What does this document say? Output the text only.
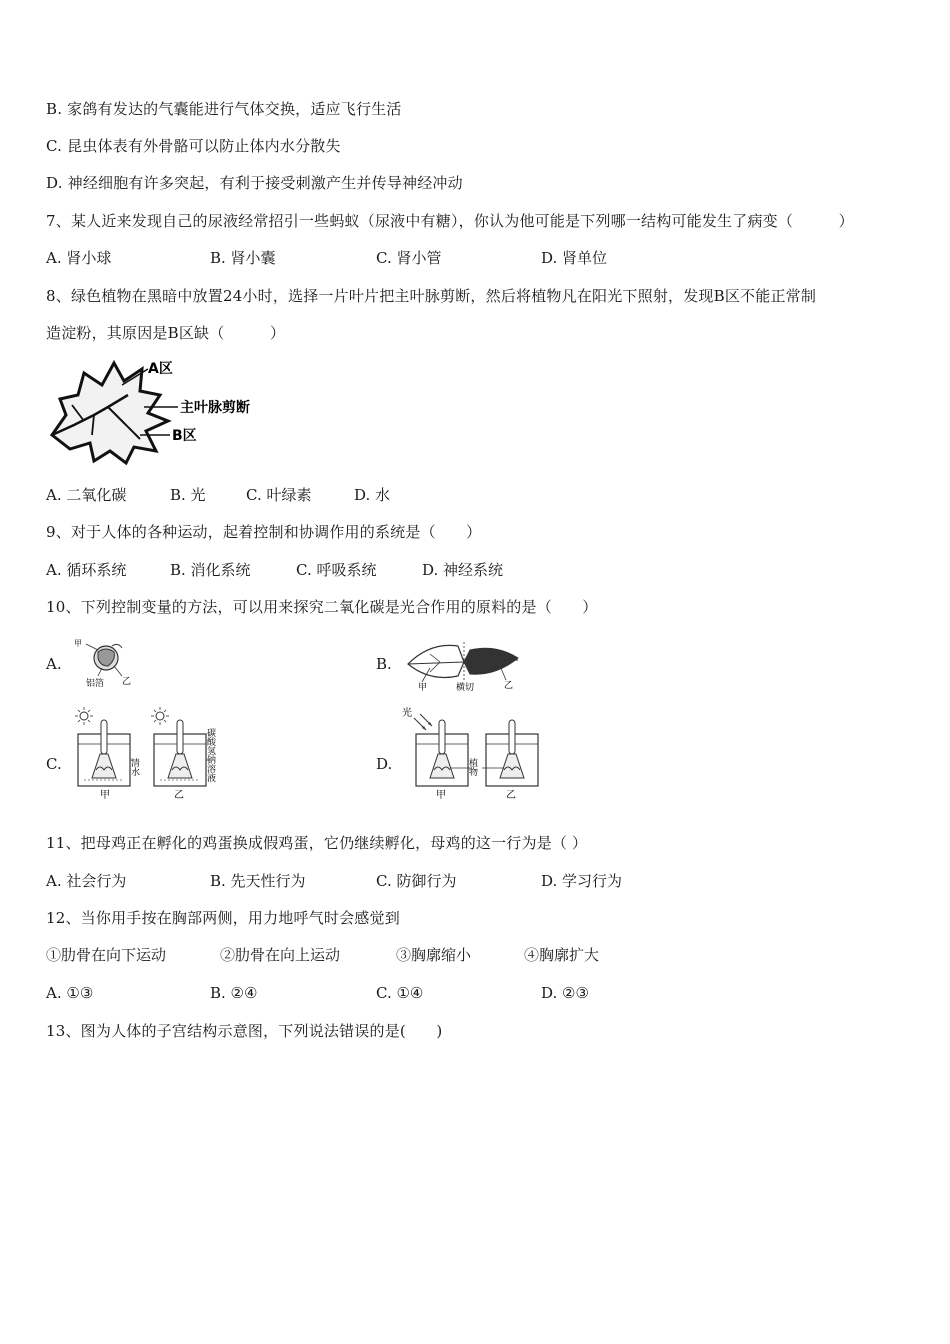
B. 家鸽有发达的气囊能进行气体交换，适应飞行生活
C. 昆虫体表有外骨骼可以防止体内水分散失
D. 神经细胞有许多突起，有利于接受刺激产生并传导神经冲动
7、某人近来发现自己的尿液经常招引一些蚂蚁（尿液中有糖），你认为他可能是下列哪一结构可能发生了病变（　　　）
A. 肾小球	B. 肾小囊	C. 肾小管	D. 肾单位
8、绿色植物在黑暗中放置24小时，选择一片叶片把主叶脉剪断，然后将植物凡在阳光下照射，发现B区不能正常制
造淀粉，其原因是B区缺（　　　）
A区
主叶脉剪断
B区
A. 二氧化碳	B. 光	C. 叶绿素	D. 水
9、对于人体的各种运动，起着控制和协调作用的系统是（　　）
A. 循环系统	B. 消化系统	C. 呼吸系统	D. 神经系统
10、下列控制变量的方法，可以用来探究二氧化碳是光合作用的原料的是（　　）
A.
甲
乙
铝箔
B.
甲	横切	乙
C.	清水	碳酸氢钠溶液
甲	乙
D.
光
植物
甲	乙
11、把母鸡正在孵化的鸡蛋换成假鸡蛋，它仍继续孵化，母鸡的这一行为是（ ）
A. 社会行为	B. 先天性行为	C. 防御行为	D. 学习行为
12、当你用手按在胸部两侧，用力地呼气时会感觉到
①肋骨在向下运动	②肋骨在向上运动	③胸廓缩小	④胸廓扩大
A. ①③	B. ②④	C. ①④	D. ②③
13、图为人体的子宫结构示意图，下列说法错误的是(　　)
